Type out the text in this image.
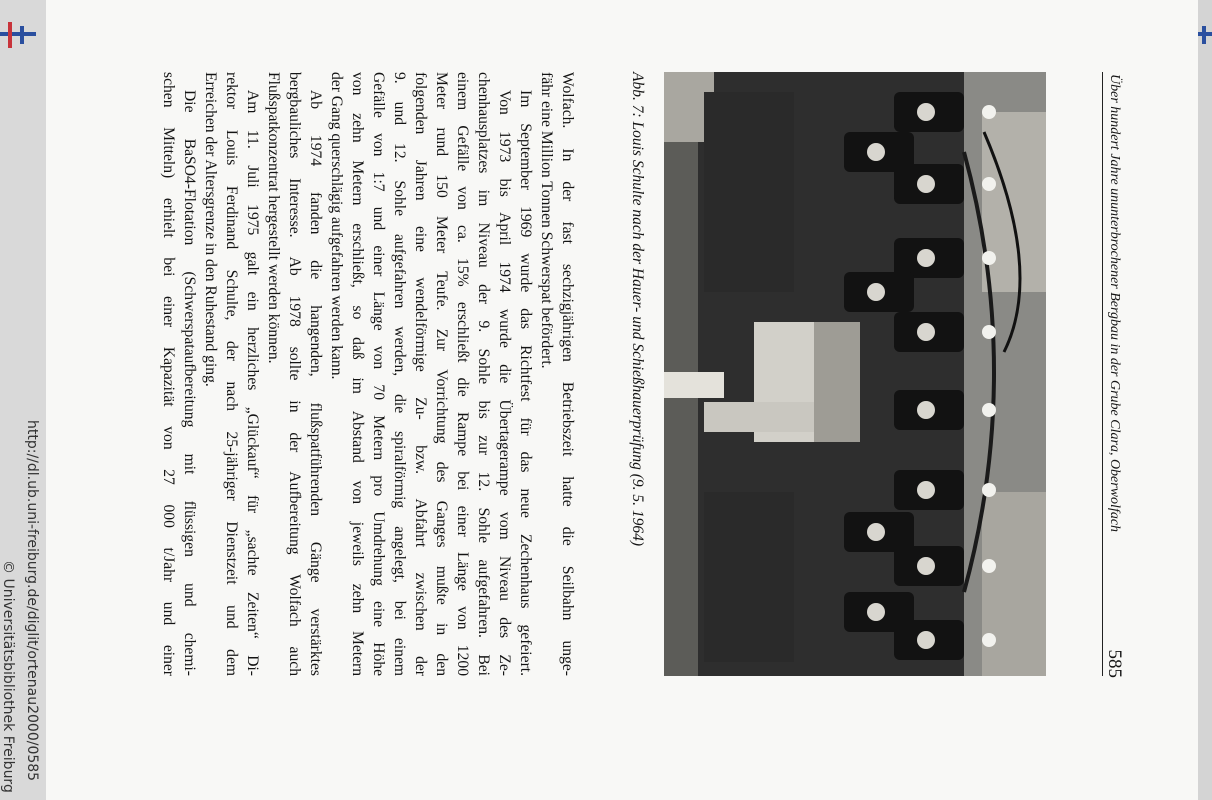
Über hundert Jahre ununterbrochener Bergbau in der Grube Clara, Oberwolfach
585
Abb. 7: Louis Schulte nach der Hauer- und Schießhauerprüfung (9. 5. 1964)

Wolfach. In der fast sechzigjährigen Betriebszeit hatte die Seilbahn unge-

fähr eine Million Tonnen Schwerspat befördert.

Im September 1969 wurde das Richtfest für das neue Zechenhaus gefeiert.

Von 1973 bis April 1974 wurde die Übertagerampe vom Niveau des Ze-

chenhausplatzes im Niveau der 9. Sohle bis zur 12. Sohle aufgefahren. Bei

einem Gefälle von ca. 15% erschließt die Rampe bei einer Länge von 1200

Meter rund 150 Meter Teufe. Zur Vorrichtung des Ganges mußte in den

folgenden Jahren eine wendelförmige Zu- bzw. Abfahrt zwischen der

9. und 12. Sohle aufgefahren werden, die spiralförmig angelegt, bei einem

Gefälle von 1:7 und einer Länge von 70 Metern pro Umdrehung eine Höhe

von zehn Metern erschließt, so daß im Abstand von jeweils zehn Metern

der Gang querschlägig aufgefahren werden kann.

Ab 1974 fanden die hangenden, flußspatführenden Gänge verstärktes

bergbauliches Interesse. Ab 1978 sollte in der Aufbereitung Wolfach auch

Flußspatkonzentrat hergestellt werden können.

Am 11. Juli 1975 galt ein herzliches „Glückauf“ für „sachte Zeiten“ Di-

rektor Louis Ferdinand Schulte, der nach 25-jähriger Dienstzeit und dem

Erreichen der Altersgrenze in den Ruhestand ging.

Die BaSO4-Flotation (Schwerspataufbereitung mit flüssigen und chemi-

schen Mitteln) erhielt bei einer Kapazität von 27 000 t/Jahr und einer

http://dl.ub.uni-freiburg.de/diglit/ortenau2000/0585
© Universitätsbibliothek Freiburg
